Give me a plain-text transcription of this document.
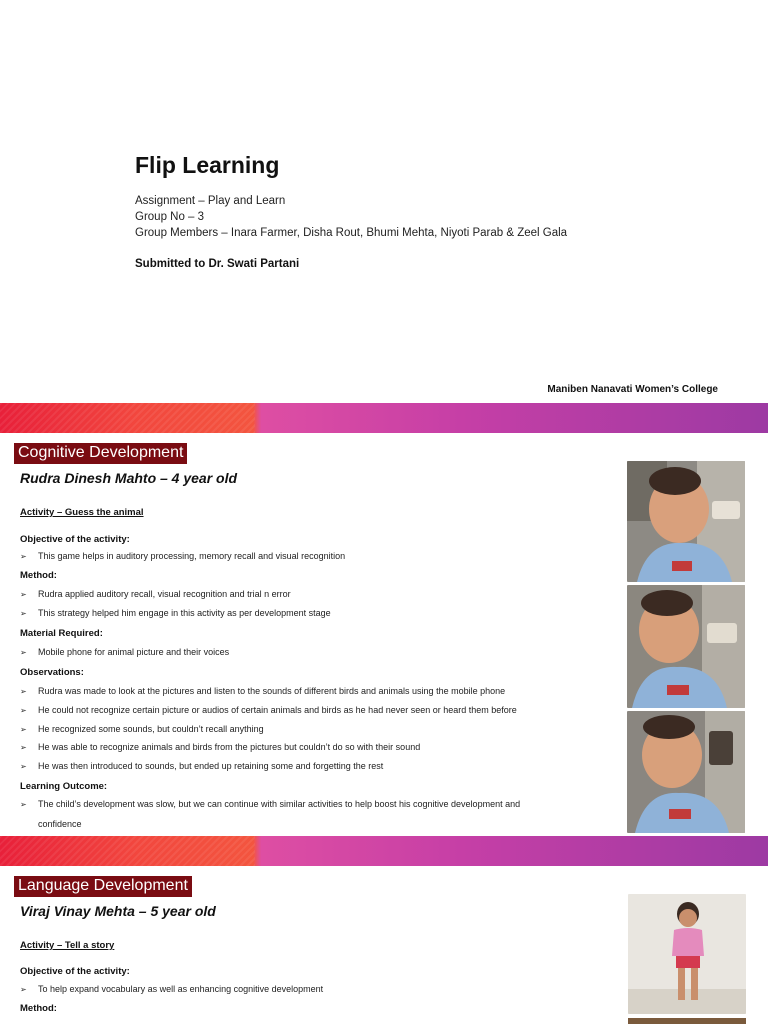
Flip Learning
Assignment – Play and Learn
Group No – 3
Group Members – Inara Farmer, Disha Rout, Bhumi Mehta, Niyoti Parab & Zeel Gala
Submitted to Dr. Swati Partani
Maniben Nanavati Women’s College
Cognitive Development
Rudra Dinesh Mahto – 4 year old
Activity – Guess the animal
Objective of the activity:
➢ This game helps in auditory processing, memory recall and visual recognition
Method:
➢ Rudra applied auditory recall, visual recognition and trial n error
➢ This strategy helped him engage in this activity as per development stage
Material Required:
➢ Mobile phone for animal picture and their voices
Observations:
➢ Rudra was made to look at the pictures and listen to the sounds of different birds and animals using the mobile phone
➢ He could not recognize certain picture or audios of certain animals and birds as he had never seen or heard them before
➢ He recognized some sounds, but couldn’t recall anything
➢ He was able to recognize animals and birds from the pictures but couldn’t do so with their sound
➢ He was then introduced to sounds, but ended up retaining some and forgetting the rest
Learning Outcome:
➢ The child’s development was slow, but we can continue with similar activities to help boost his cognitive development and
confidence
Language Development
Viraj Vinay Mehta – 5 year old
Activity – Tell a story
Objective of the activity:
➢ To help expand vocabulary as well as enhancing cognitive development
Method:
